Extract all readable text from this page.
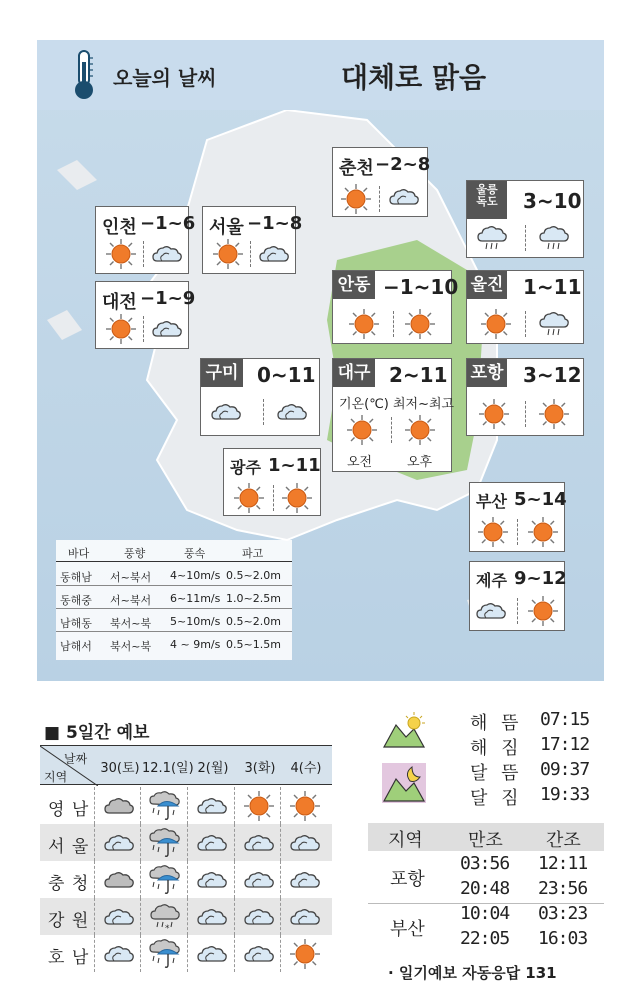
오늘의 날씨	대체로 맑음
춘천 −2~8
인천 −1~6 서울 −1~8
울릉
독도	3~10
대전 −1~9
안동 −1~10 울진 1~11
구미 0~11 대구 2~11
기온(℃) 최저~최고
오전	오후
포항 3~12
광주 1~11
부산 5~14
제주 9~12
바다	풍향	풍속	파고
동해남 서~북서 4~10m/s 0.5~2.0m
동해중 서~북서 6~11m/s 1.0~2.5m
남해동 북서~북 5~10m/s 0.5~2.0m
남해서 북서~북 4 ~ 9m/s 0.5~1.5m
■ 5일간 예보
날짜
지역
30(토) 12.1(일) 2(월)	3(화)	4(수)
영 남
서 울
충 청
강 원
호 남
해 뜸 07:15
해 짐 17:12
달 뜸 09:37
달 짐 19:33
지역	만조 간조
포항
03:56 12:11
20:48 23:56
부산
10:04 03:23
22:05 16:03
· 일기예보 자동응답 131
